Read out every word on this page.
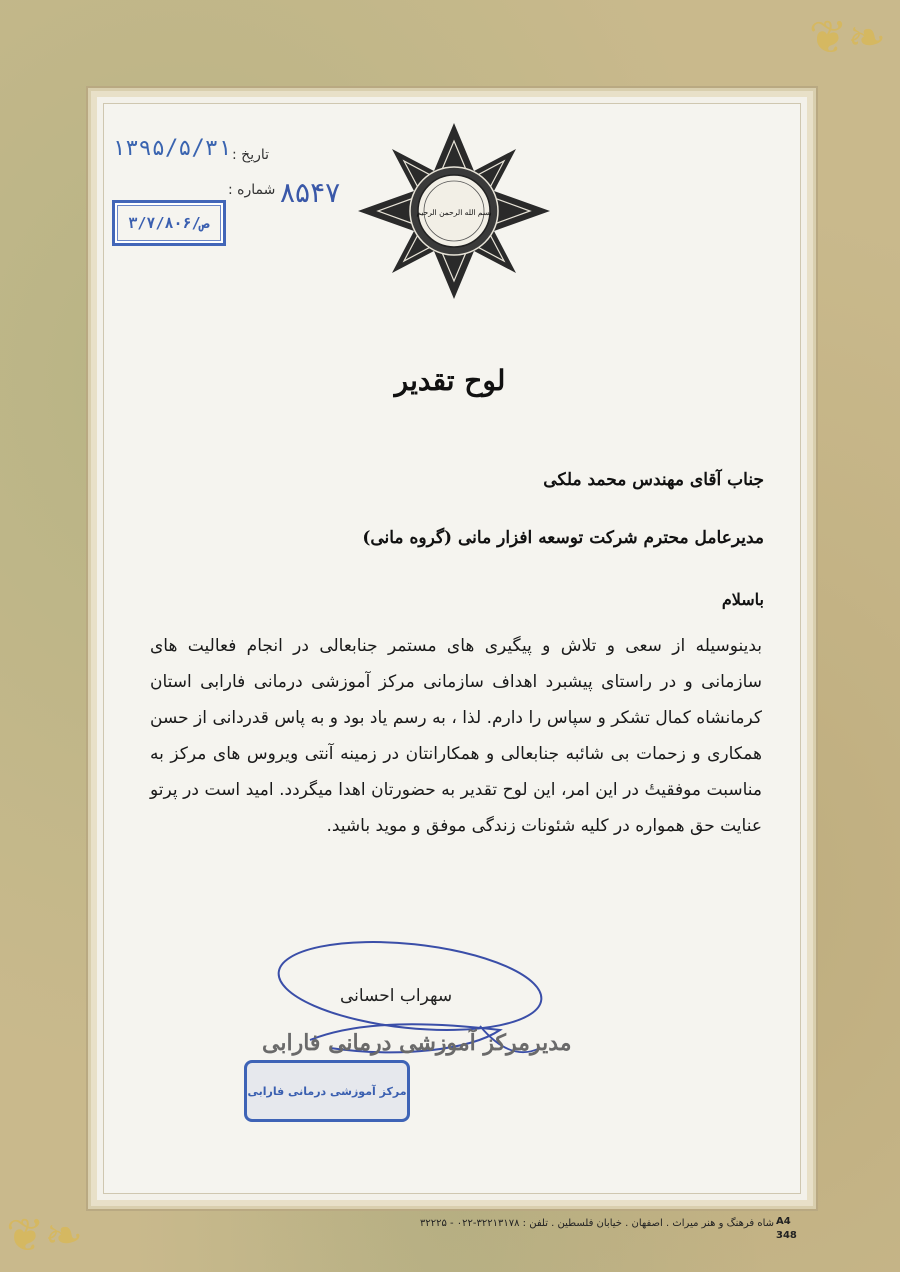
❦❧
❦❧
بسم الله الرحمن الرحیم
تاریخ :
۱۳۹۵/۵/۳۱
شماره : ۸۵۴۷
۳/۷/۸۰۶/ص
لوح تقدیر
جناب آقای مهندس محمد ملکی
مدیرعامل محترم شرکت توسعه افزار مانی (گروه مانی)
باسلام
بدینوسیله از سعی و تلاش و پیگیری های مستمر جنابعالی در انجام فعالیت های سازمانی و در راستای پیشبرد اهداف سازمانی مرکز آموزشی درمانی فارابی استان کرمانشاه کمال تشکر و سپاس را دارم. لذا ، به رسم یاد بود و به پاس قدردانی از حسن همکاری و زحمات بی شائبه جنابعالی و همکارانتان در زمینه آنتی ویروس های مرکز به مناسبت موفقیتٔ در این امر، این لوح تقدیر به حضورتان اهدا میگردد. امید است در پرتو عنایت حق همواره در کلیه شئونات زندگی موفق و موید باشید.
سهراب احسانی
مدیرمرکز آموزشی درمانی فارابی
مرکز آموزشی درمانی فارابی
شاه فرهنگ و هنر میراث . اصفهان . خیابان فلسطین . تلفن : ۳۲۲۱۳۱۷۸-۰۲۲ - ۳۲۲۲۵ A4
348
